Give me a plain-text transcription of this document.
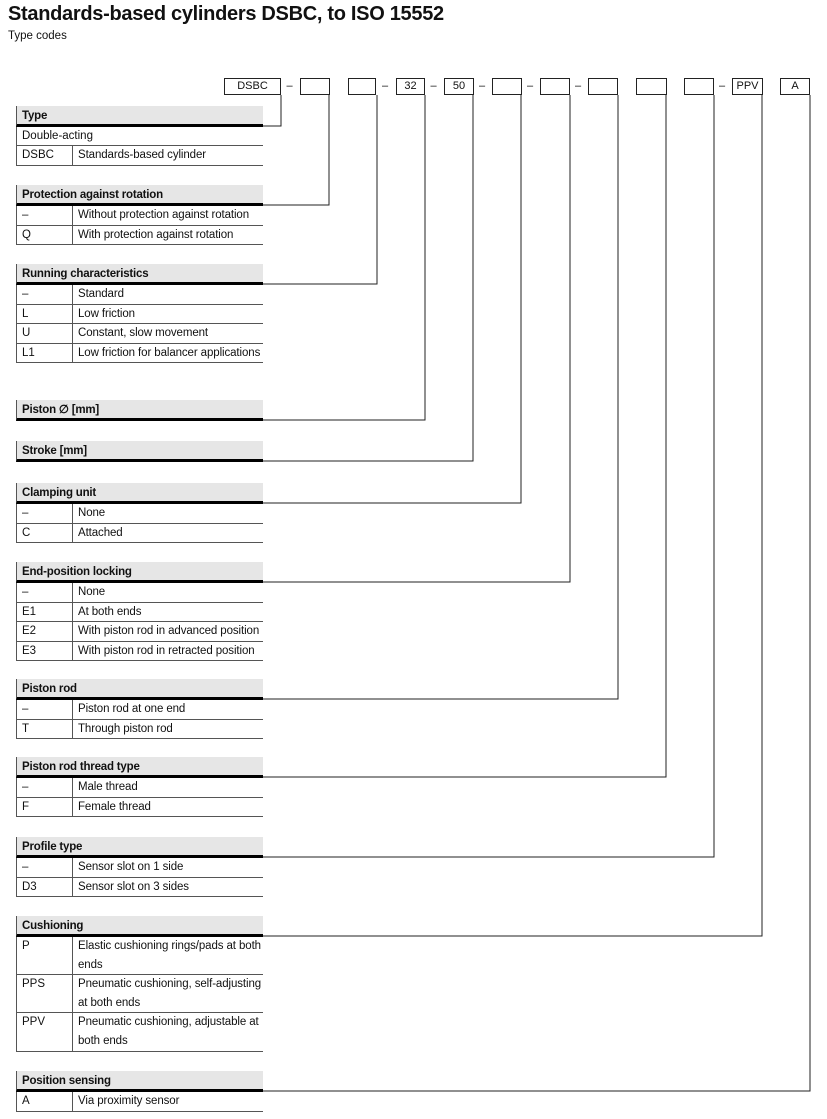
Standards-based cylinders DSBC, to ISO 15552
Type codes
DSBC	32	50	PPV	A
–	–	–	–	–	–	–
Type
Double-acting
DSBC	Standards-based cylinder
Protection against rotation
–	Without protection against rotation
Q	With protection against rotation
Running characteristics
–	Standard
L	Low friction
U	Constant, slow movement
L1	Low friction for balancer applications
Piston ∅ [mm]
Stroke [mm]
Clamping unit
–	None
C	Attached
End-position locking
–	None
E1	At both ends
E2	With piston rod in advanced position
E3	With piston rod in retracted position
Piston rod
–	Piston rod at one end
T	Through piston rod
Piston rod thread type
–	Male thread
F	Female thread
Profile type
–	Sensor slot on 1 side
D3	Sensor slot on 3 sides
Cushioning
P	Elastic cushioning rings/pads at both ends
PPS	Pneumatic cushioning, self-adjusting at both ends
PPV	Pneumatic cushioning, adjustable at both ends
Position sensing
A	Via proximity sensor
